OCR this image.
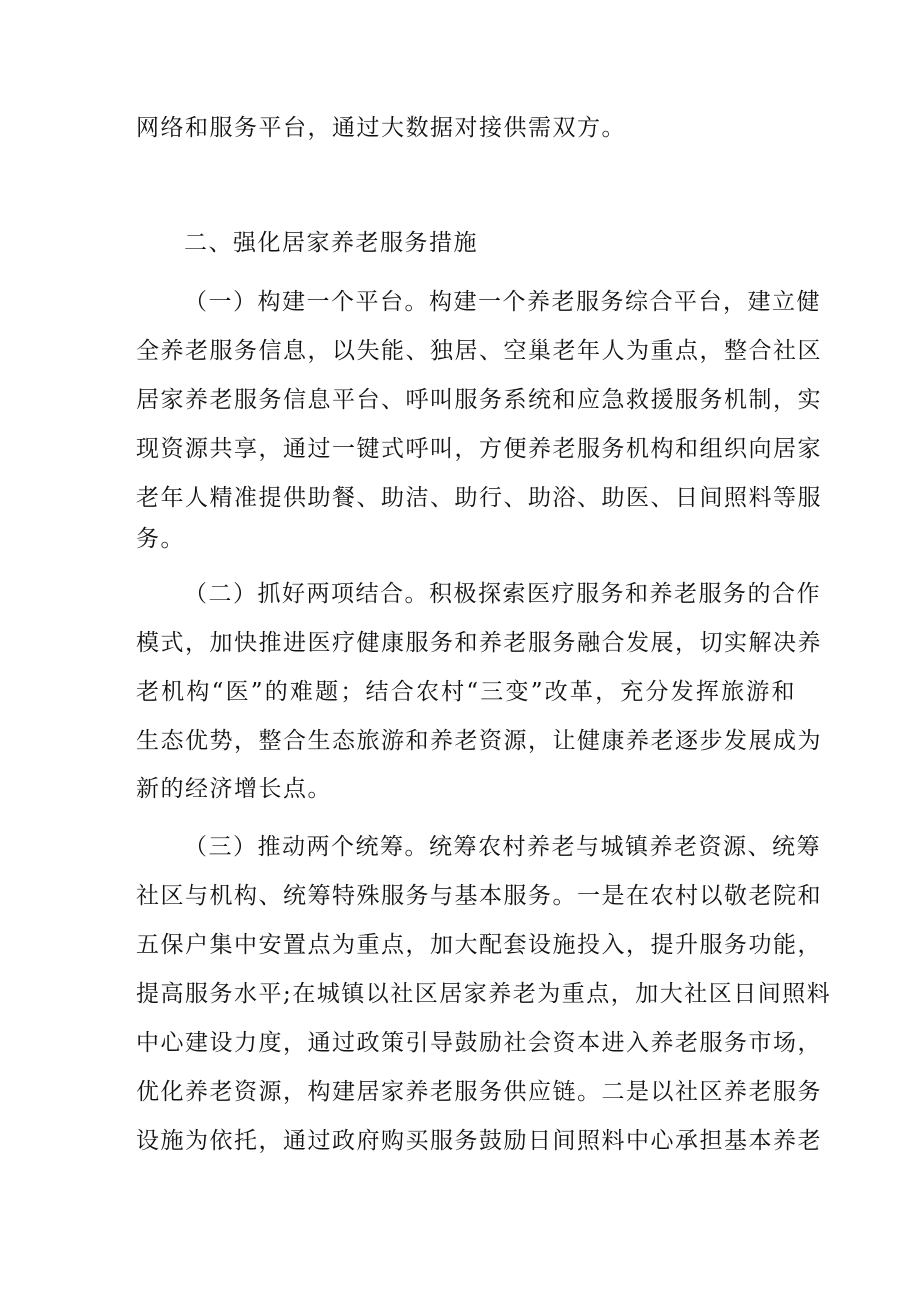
网络和服务平台，通过大数据对接供需双方。
二、强化居家养老服务措施
（一）构建一个平台。构建一个养老服务综合平台，建立健
全养老服务信息，以失能、独居、空巢老年人为重点，整合社区
居家养老服务信息平台、呼叫服务系统和应急救援服务机制，实
现资源共享，通过一键式呼叫，方便养老服务机构和组织向居家
老年人精准提供助餐、助洁、助行、助浴、助医、日间照料等服
务。
（二）抓好两项结合。积极探索医疗服务和养老服务的合作
模式，加快推进医疗健康服务和养老服务融合发展，切实解决养
老机构“医”的难题；结合农村“三变”改革，充分发挥旅游和
生态优势，整合生态旅游和养老资源，让健康养老逐步发展成为
新的经济增长点。
（三）推动两个统筹。统筹农村养老与城镇养老资源、统筹
社区与机构、统筹特殊服务与基本服务。一是在农村以敬老院和
五保户集中安置点为重点，加大配套设施投入，提升服务功能，
提高服务水平;在城镇以社区居家养老为重点，加大社区日间照料
中心建设力度，通过政策引导鼓励社会资本进入养老服务市场，
优化养老资源，构建居家养老服务供应链。二是以社区养老服务
设施为依托，通过政府购买服务鼓励日间照料中心承担基本养老
